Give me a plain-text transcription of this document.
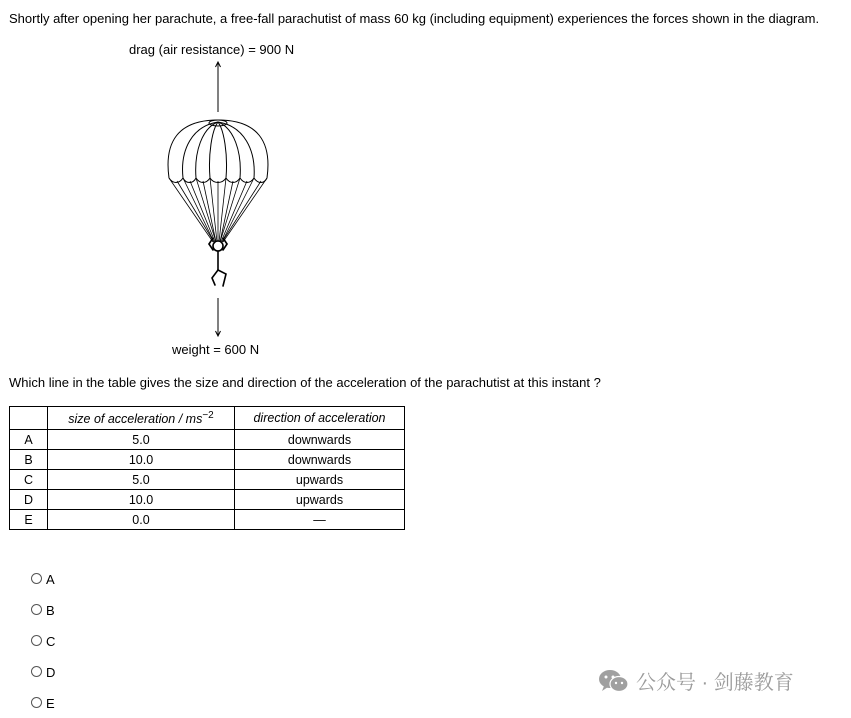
Shortly after opening her parachute, a free-fall parachutist of mass 60 kg (including equipment) experiences the forces shown in the diagram.
drag (air resistance) = 900 N
weight = 600 N
Which line in the table gives the size and direction of the acceleration of the parachutist at this instant ?
	size of acceleration / $ms^{-2}$	direction of acceleration
A	5.0	downwards
B	10.0	downwards
C	5.0	upwards
D	10.0	upwards
E	0.0	—
A
B
C
D
E
公众号 · 剑藤教育
